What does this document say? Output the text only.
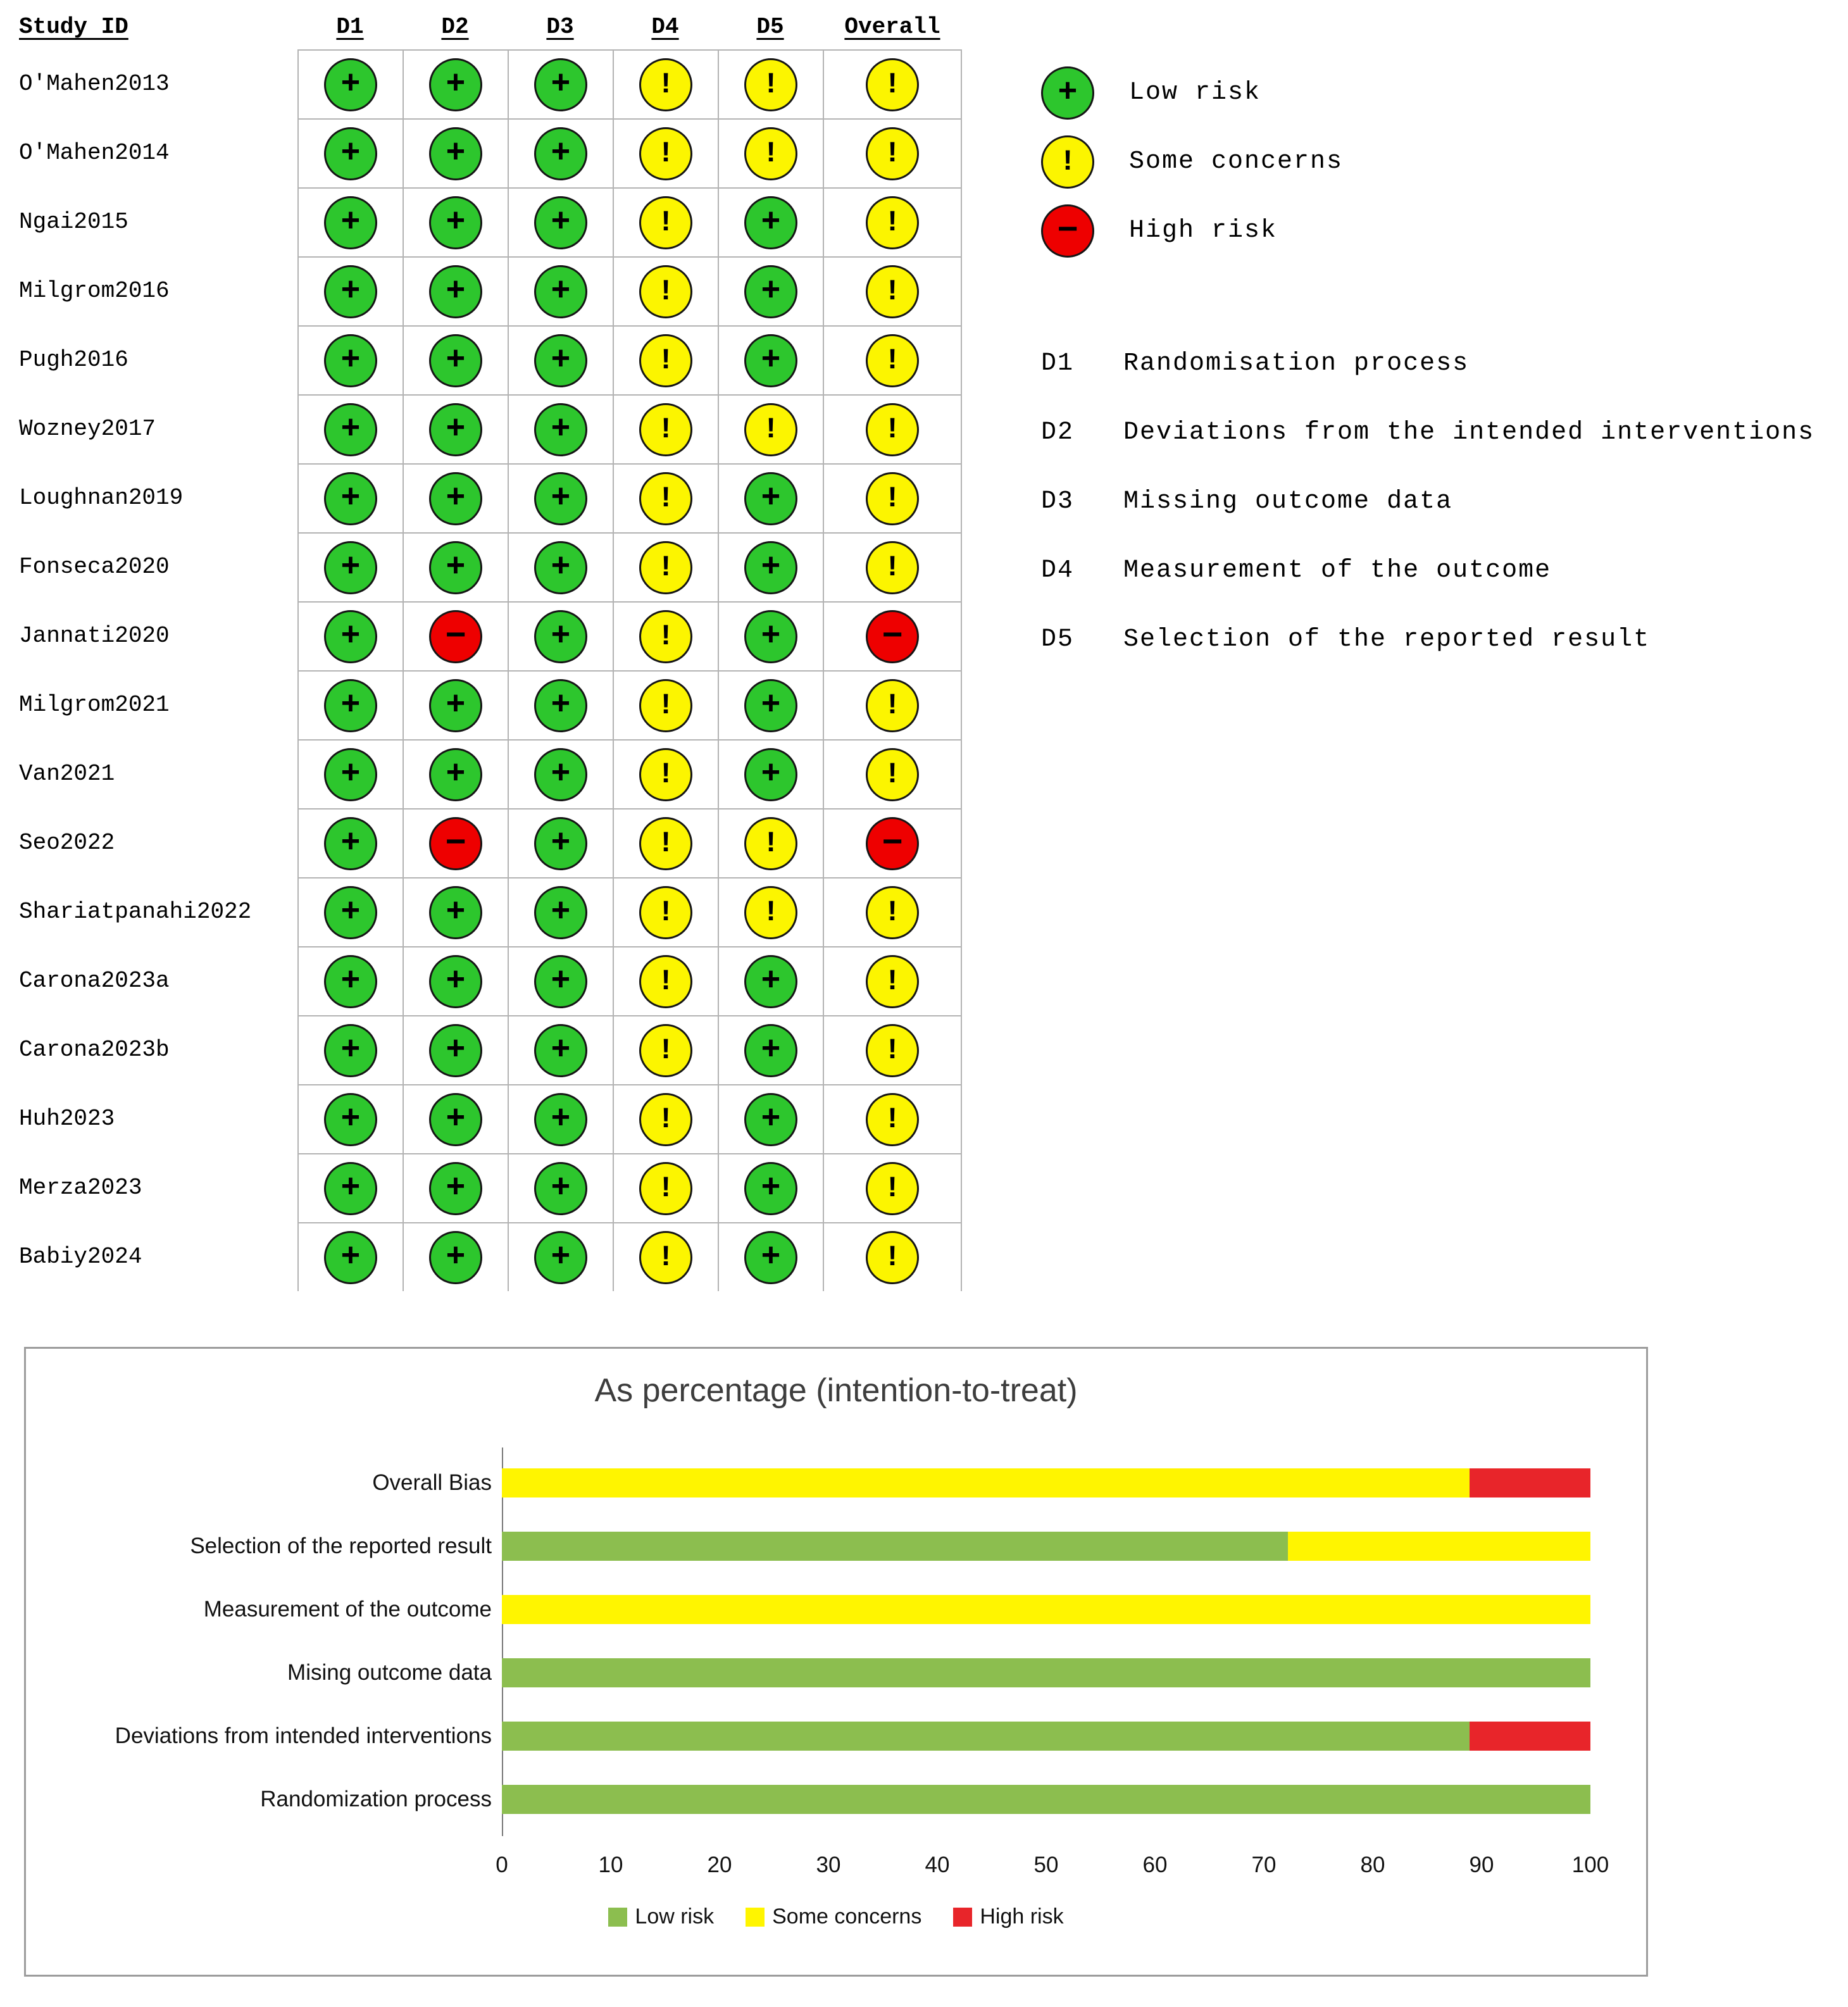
Study ID	D1	D2	D3	D4	D5	Overall
O'Mahen2013	+	+	+	!	!	!
O'Mahen2014	+	+	+	!	!	!
Ngai2015	+	+	+	!	+	!
Milgrom2016	+	+	+	!	+	!
Pugh2016	+	+	+	!	+	!
Wozney2017	+	+	+	!	!	!
Loughnan2019	+	+	+	!	+	!
Fonseca2020	+	+	+	!	+	!
Jannati2020	+	−	+	!	+	−
Milgrom2021	+	+	+	!	+	!
Van2021	+	+	+	!	+	!
Seo2022	+	−	+	!	!	−
Shariatpanahi2022	+	+	+	!	!	!
Carona2023a	+	+	+	!	+	!
Carona2023b	+	+	+	!	+	!
Huh2023	+	+	+	!	+	!
Merza2023	+	+	+	!	+	!
Babiy2024	+	+	+	!	+	!
+	Low risk
!	Some concerns
−	High risk
D1	Randomisation process
D2	Deviations from the intended interventions
D3	Missing outcome data
D4	Measurement of the outcome
D5	Selection of the reported result
As percentage (intention-to-treat)
Overall Bias
Selection of the reported result
Measurement of the outcome
Mising outcome data
Deviations from intended interventions
Randomization process
0	10	20	30	40	50	60	70	80	90	100
Low risk	Some concerns	High risk
